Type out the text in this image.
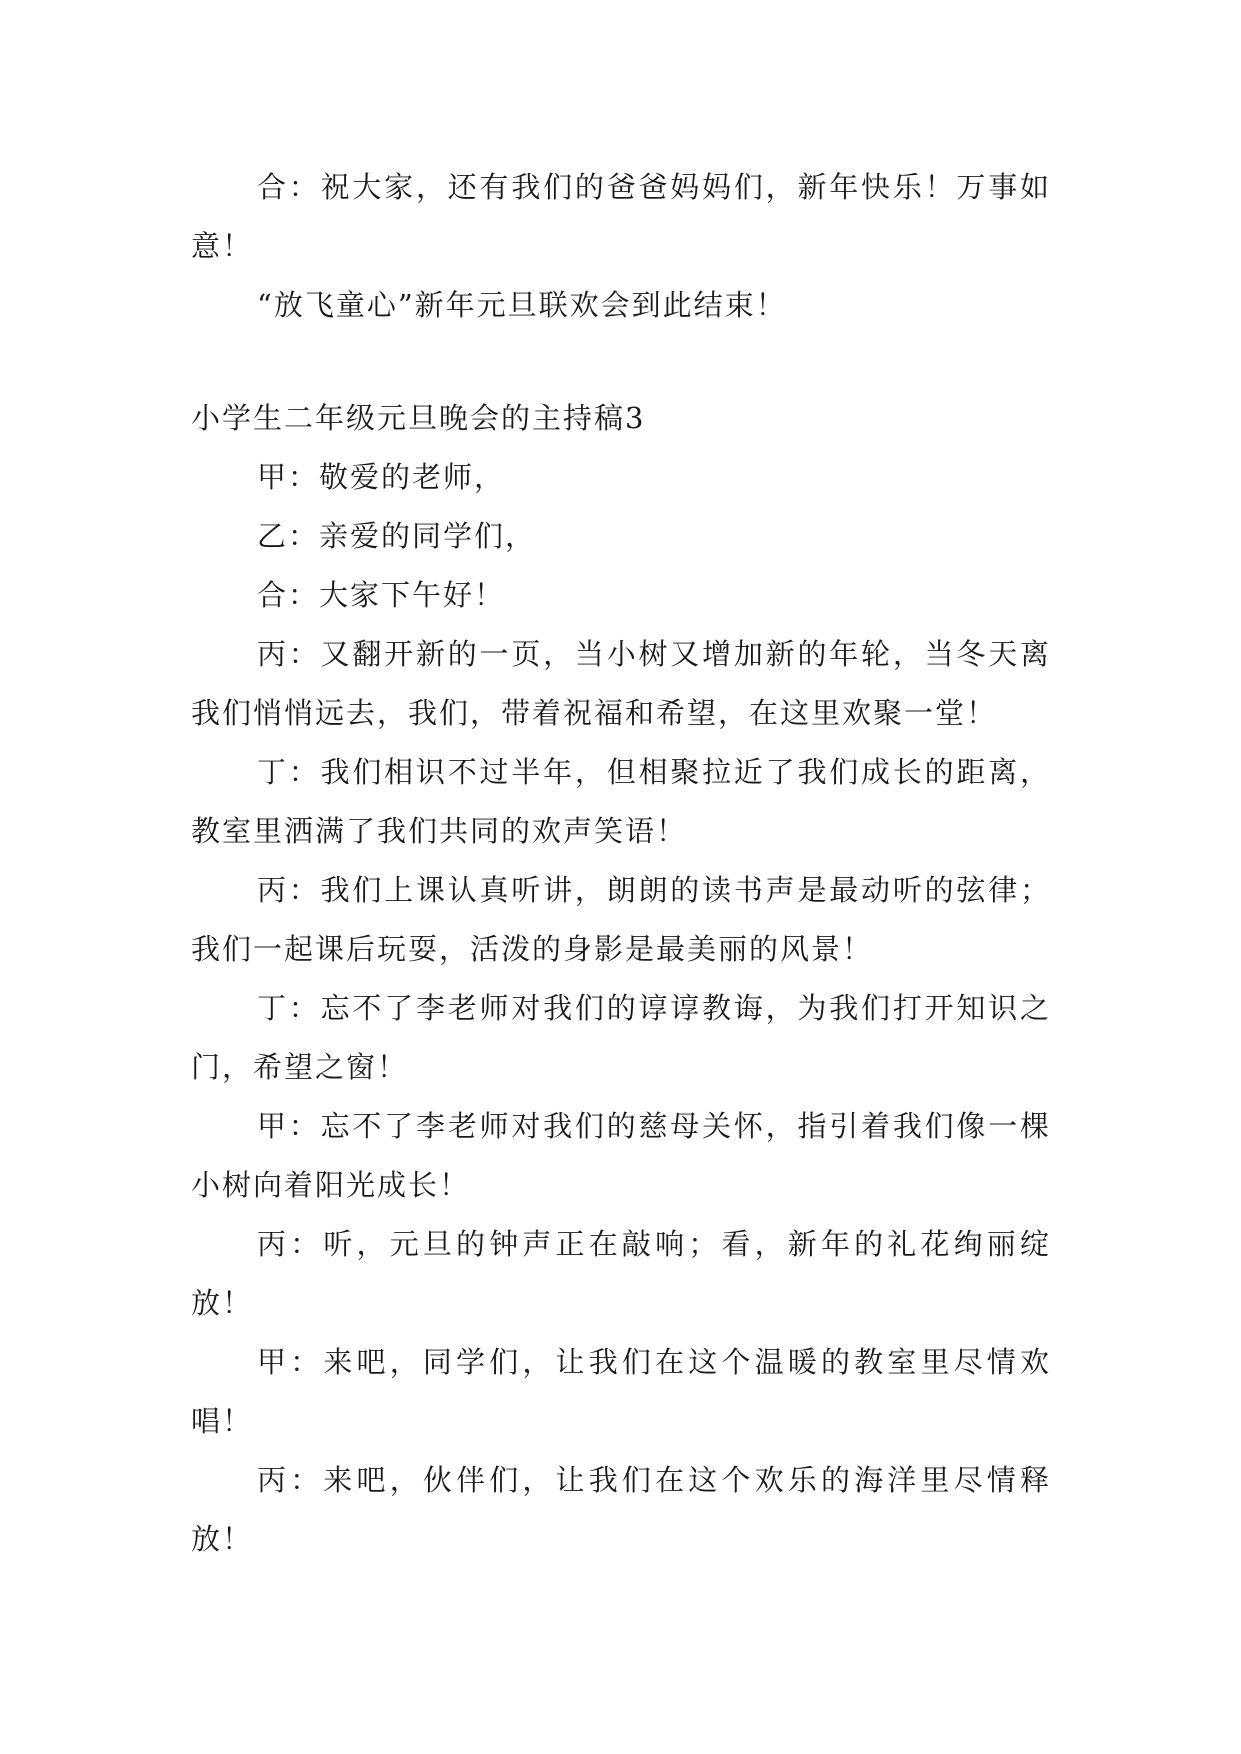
合：祝大家，还有我们的爸爸妈妈们，新年快乐！万事如意！

“放飞童心”新年元旦联欢会到此结束！

小学生二年级元旦晚会的主持稿3

甲：敬爱的老师，

乙：亲爱的同学们，

合：大家下午好！

丙：又翻开新的一页，当小树又增加新的年轮，当冬天离我们悄悄远去，我们，带着祝福和希望，在这里欢聚一堂！

丁：我们相识不过半年，但相聚拉近了我们成长的距离，教室里洒满了我们共同的欢声笑语！

丙：我们上课认真听讲，朗朗的读书声是最动听的弦律；我们一起课后玩耍，活泼的身影是最美丽的风景！

丁：忘不了李老师对我们的谆谆教诲，为我们打开知识之门，希望之窗！

甲：忘不了李老师对我们的慈母关怀，指引着我们像一棵小树向着阳光成长！

丙：听，元旦的钟声正在敲响；看，新年的礼花绚丽绽放！

甲：来吧，同学们，让我们在这个温暖的教室里尽情欢唱！

丙：来吧，伙伴们，让我们在这个欢乐的海洋里尽情释放！
